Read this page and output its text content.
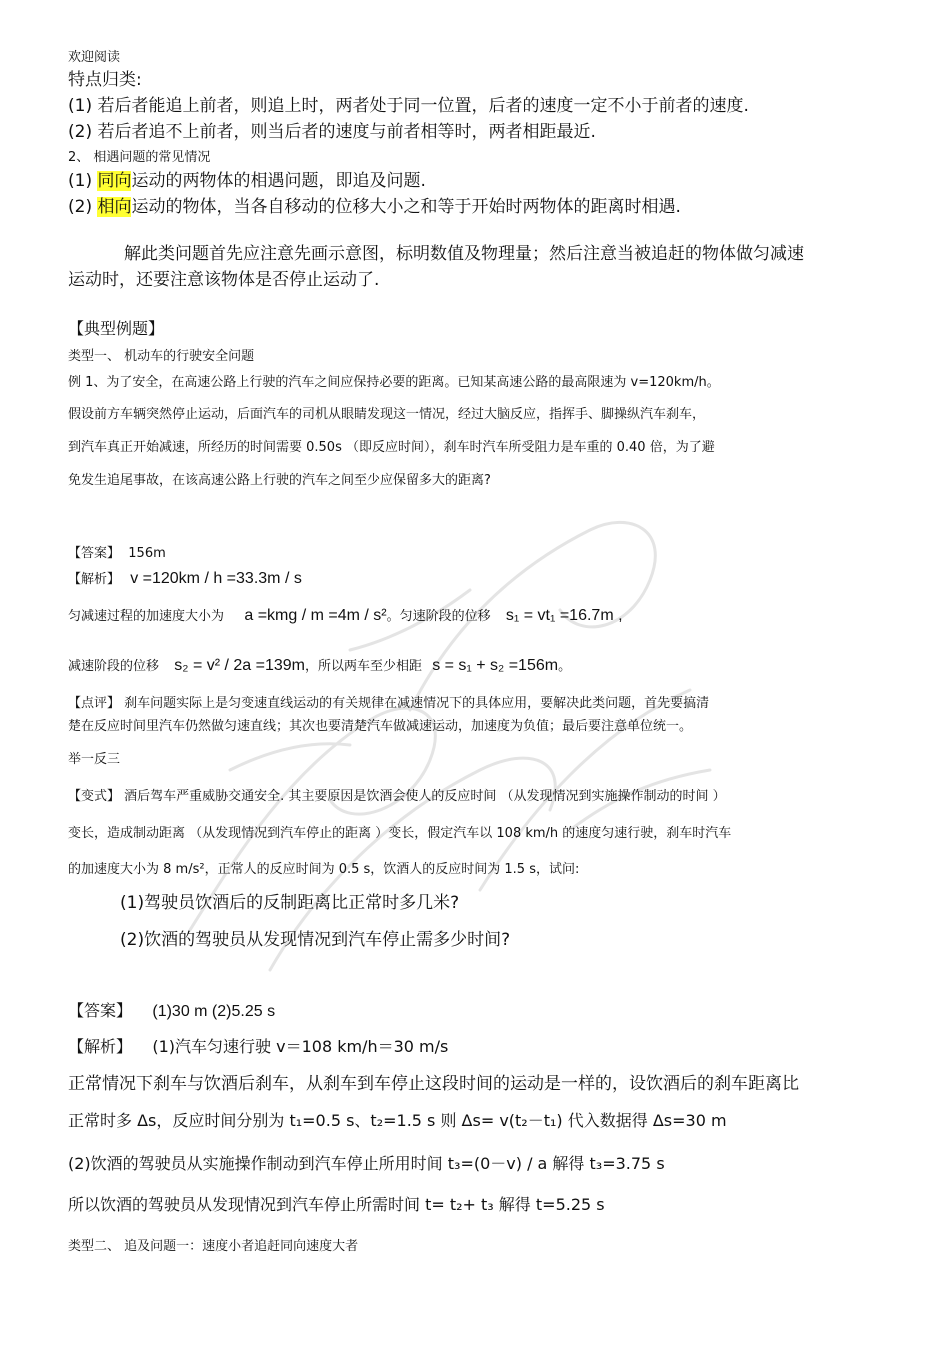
欢迎阅读
特点归类:
(1) 若后者能追上前者，则追上时，两者处于同一位置，后者的速度一定不小于前者的速度.
(2) 若后者追不上前者，则当后者的速度与前者相等时，两者相距最近.
2、 相遇问题的常见情况
(1) 同向运动的两物体的相遇问题，即追及问题.
(2) 相向运动的物体，当各自移动的位移大小之和等于开始时两物体的距离时相遇.
解此类问题首先应注意先画示意图，标明数值及物理量；然后注意当被追赶的物体做匀减速
运动时，还要注意该物体是否停止运动了.
【典型例题】
类型一、 机动车的行驶安全问题
例 1、为了安全，在高速公路上行驶的汽车之间应保持必要的距离。已知某高速公路的最高限速为 v=120km/h。
假设前方车辆突然停止运动，后面汽车的司机从眼睛发现这一情况，经过大脑反应，指挥手、脚操纵汽车刹车，
到汽车真正开始减速，所经历的时间需要 0.50s （即反应时间），刹车时汽车所受阻力是车重的 0.40 倍，为了避
免发生追尾事故，在该高速公路上行驶的汽车之间至少应保留多大的距离?
【答案】 156m
【解析】 v =120km / h =33.3m / s
匀减速过程的加速度大小为 a =kmg / m =4m / s²。匀速阶段的位移 s₁ = vt₁ =16.7m ,
减速阶段的位移 s₂ = v² / 2a =139m，所以两车至少相距 s = s₁ + s₂ =156m。
【点评】 刹车问题实际上是匀变速直线运动的有关规律在减速情况下的具体应用，要解决此类问题，首先要搞清
楚在反应时间里汽车仍然做匀速直线；其次也要清楚汽车做减速运动，加速度为负值；最后要注意单位统一。
举一反三
【变式】 酒后驾车严重威胁交通安全. 其主要原因是饮酒会使人的反应时间 （从发现情况到实施操作制动的时间 ）
变长，造成制动距离 （从发现情况到汽车停止的距离 ）变长，假定汽车以 108 km/h 的速度匀速行驶，刹车时汽车
的加速度大小为 8 m/s²，正常人的反应时间为 0.5 s，饮酒人的反应时间为 1.5 s，试问:
(1)驾驶员饮酒后的反制距离比正常时多几米?
(2)饮酒的驾驶员从发现情况到汽车停止需多少时间?
【答案】 (1)30 m (2)5.25 s
【解析】 (1)汽车匀速行驶 v＝108 km/h＝30 m/s
正常情况下刹车与饮酒后刹车，从刹车到车停止这段时间的运动是一样的，设饮酒后的刹车距离比
正常时多 Δs，反应时间分别为 t₁=0.5 s、t₂=1.5 s 则 Δs= v(t₂－t₁) 代入数据得 Δs=30 m
(2)饮酒的驾驶员从实施操作制动到汽车停止所用时间 t₃=(0－v) / a 解得 t₃=3.75 s
所以饮酒的驾驶员从发现情况到汽车停止所需时间 t= t₂+ t₃ 解得 t=5.25 s
类型二、 追及问题一：速度小者追赶同向速度大者
